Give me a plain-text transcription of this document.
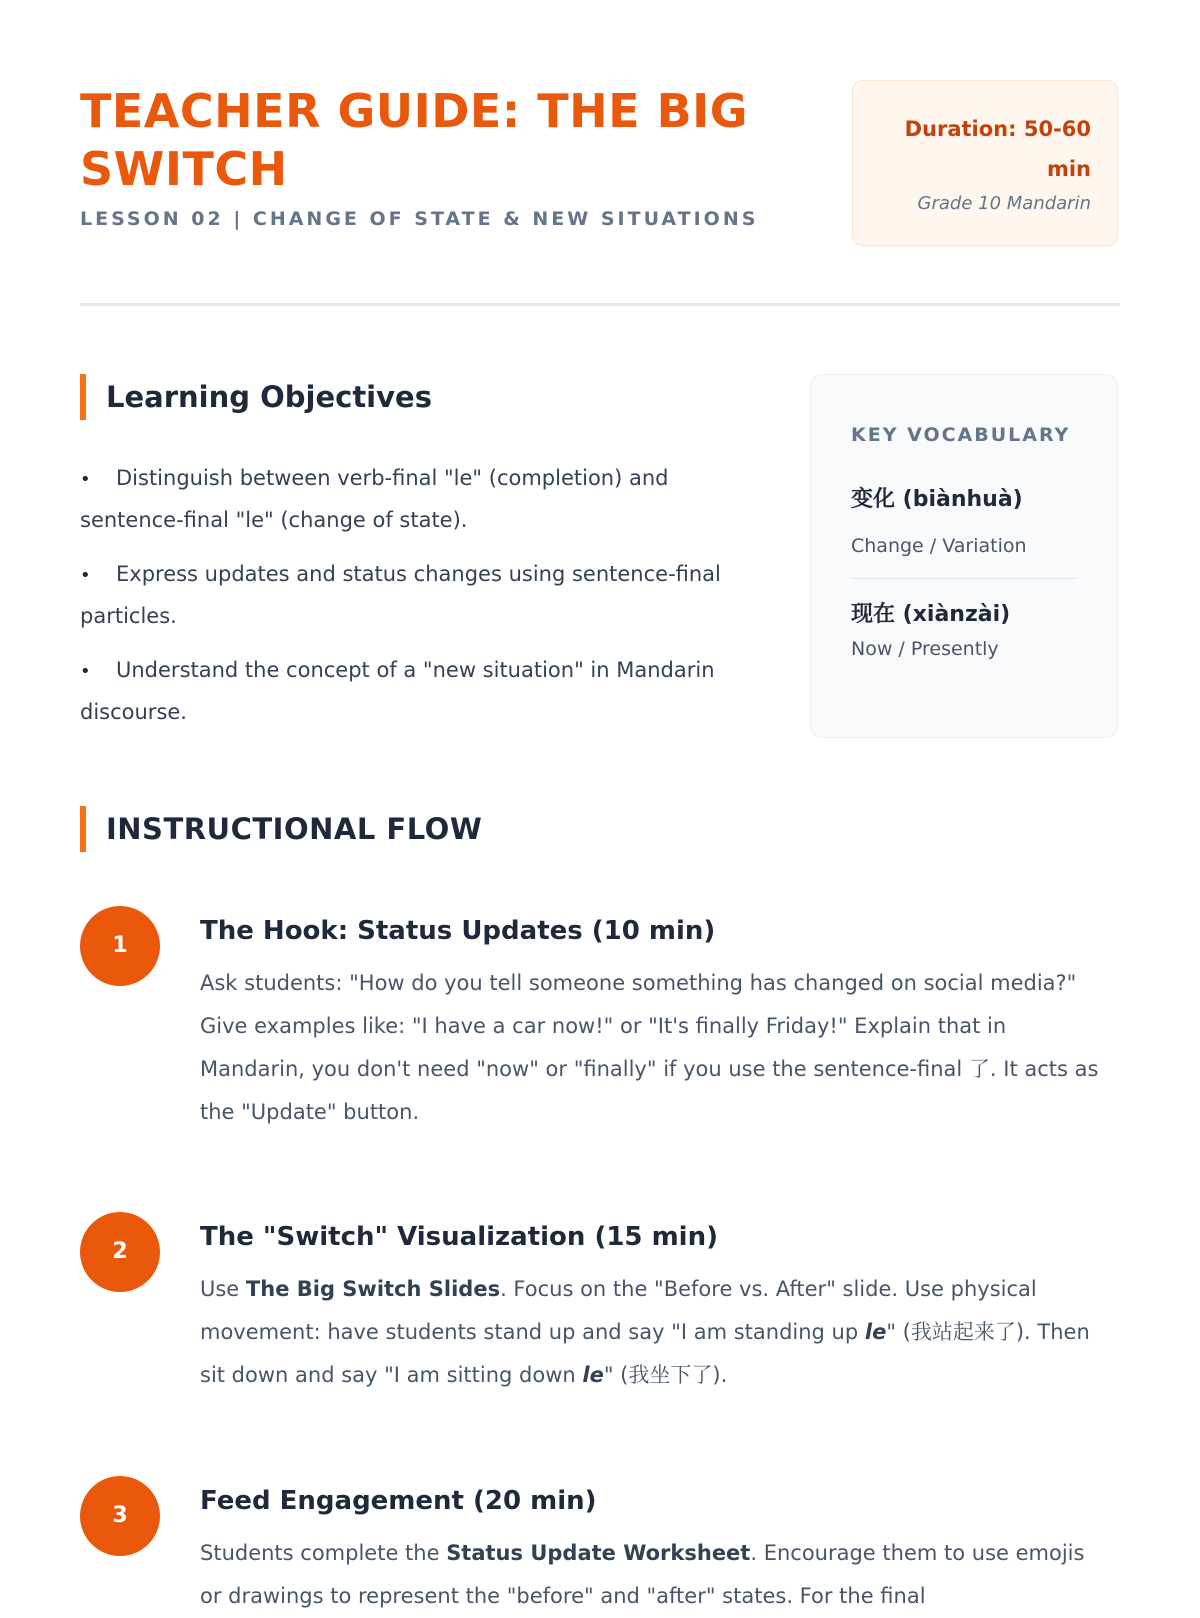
TEACHER GUIDE: THE BIG SWITCH
LESSON 02 | CHANGE OF STATE & NEW SITUATIONS
Duration: 50-60 min
Grade 10 Mandarin
Learning Objectives
• Distinguish between verb-final "le" (completion) and sentence-final "le" (change of state).
• Express updates and status changes using sentence-final particles.
• Understand the concept of a "new situation" in Mandarin discourse.
KEY VOCABULARY
变化 (biànhuà)
Change / Variation
现在 (xiànzài)
Now / Presently
INSTRUCTIONAL FLOW
1	The Hook: Status Updates (10 min)
Ask students: "How do you tell someone something has changed on social media?" Give examples like: "I have a car now!" or "It's finally Friday!" Explain that in Mandarin, you don't need "now" or "finally" if you use the sentence-final 了. It acts as the "Update" button.
2	The "Switch" Visualization (15 min)
Use The Big Switch Slides. Focus on the "Before vs. After" slide. Use physical movement: have students stand up and say "I am standing up le" (我站起来了). Then sit down and say "I am sitting down le" (我坐下了).
3	Feed Engagement (20 min)
Students complete the Status Update Worksheet. Encourage them to use emojis or drawings to represent the "before" and "after" states. For the final
